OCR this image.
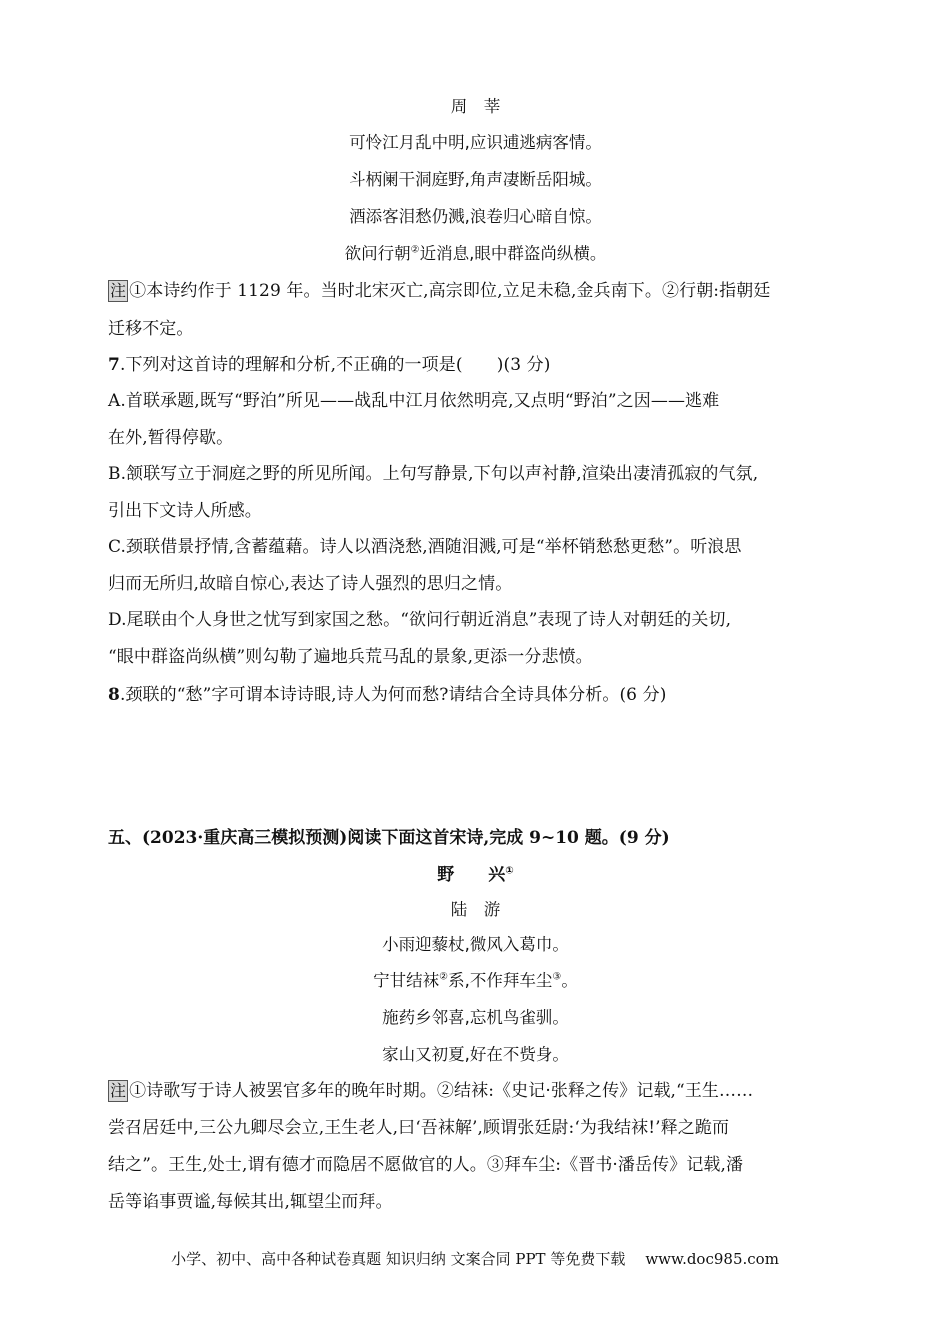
周　莘
可怜江月乱中明,应识逋逃病客情。
斗柄阑干洞庭野,角声凄断岳阳城。
酒添客泪愁仍溅,浪卷归心暗自惊。
欲问行朝②近消息,眼中群盗尚纵横。
注 ①本诗约作于 1129 年。当时北宋灭亡,高宗即位,立足未稳,金兵南下。②行朝:指朝廷
迁移不定。
7.下列对这首诗的理解和分析,不正确的一项是(　　)(3 分)
A.首联承题,既写“野泊”所见——战乱中江月依然明亮,又点明“野泊”之因——逃难
在外,暂得停歇。
B.颔联写立于洞庭之野的所见所闻。上句写静景,下句以声衬静,渲染出凄清孤寂的气氛,
引出下文诗人所感。
C.颈联借景抒情,含蓄蕴藉。诗人以酒浇愁,酒随泪溅,可是“举杯销愁愁更愁”。听浪思
归而无所归,故暗自惊心,表达了诗人强烈的思归之情。
D.尾联由个人身世之忧写到家国之愁。“欲问行朝近消息”表现了诗人对朝廷的关切,
“眼中群盗尚纵横”则勾勒了遍地兵荒马乱的景象,更添一分悲愤。
8.颈联的“愁”字可谓本诗诗眼,诗人为何而愁?请结合全诗具体分析。(6 分)
五、(2023·重庆高三模拟预测)阅读下面这首宋诗,完成 9~10 题。(9 分)
野　　兴①
陆　游
小雨迎藜杖,微风入葛巾。
宁甘结袜②系,不作拜车尘③。
施药乡邻喜,忘机鸟雀驯。
家山又初夏,好在不赀身。
注 ①诗歌写于诗人被罢官多年的晚年时期。②结袜:《史记·张释之传》记载,“王生……
尝召居廷中,三公九卿尽会立,王生老人,曰‘吾袜解’,顾谓张廷尉:‘为我结袜!’释之跪而
结之”。王生,处士,谓有德才而隐居不愿做官的人。③拜车尘:《晋书·潘岳传》记载,潘
岳等谄事贾谧,每候其出,辄望尘而拜。
小学、初中、高中各种试卷真题 知识归纳 文案合同 PPT 等免费下载 www.doc985.com
